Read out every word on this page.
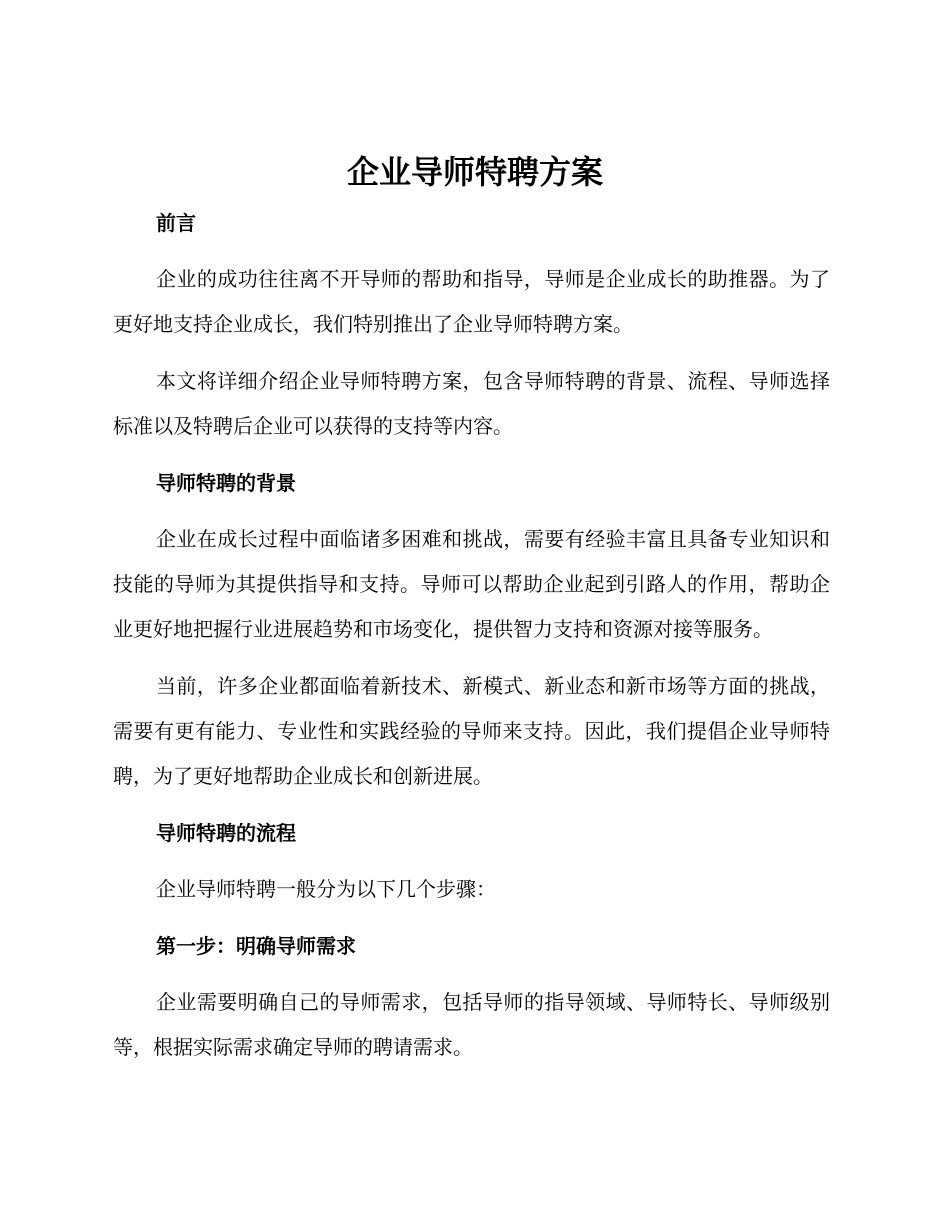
企业导师特聘方案
前言

企业的成功往往离不开导师的帮助和指导，导师是企业成长的助推器。为了更好地支持企业成长，我们特别推出了企业导师特聘方案。

本文将详细介绍企业导师特聘方案，包含导师特聘的背景、流程、导师选择标准以及特聘后企业可以获得的支持等内容。

导师特聘的背景

企业在成长过程中面临诸多困难和挑战，需要有经验丰富且具备专业知识和技能的导师为其提供指导和支持。导师可以帮助企业起到引路人的作用，帮助企业更好地把握行业进展趋势和市场变化，提供智力支持和资源对接等服务。

当前，许多企业都面临着新技术、新模式、新业态和新市场等方面的挑战，需要有更有能力、专业性和实践经验的导师来支持。因此，我们提倡企业导师特聘，为了更好地帮助企业成长和创新进展。

导师特聘的流程

企业导师特聘一般分为以下几个步骤：

第一步：明确导师需求

企业需要明确自己的导师需求，包括导师的指导领域、导师特长、导师级别等，根据实际需求确定导师的聘请需求。
